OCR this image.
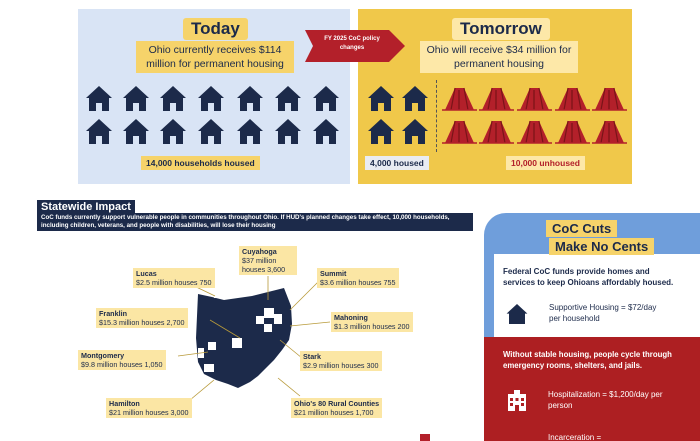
Today
Ohio currently receives $114 million for permanent housing
14,000 households housed
Tomorrow
Ohio will receive $34 million for permanent housing
FY 2025 CoC policy changes
4,000 housed	10,000 unhoused
Statewide Impact
CoC funds currently support vulnerable people in communities throughout Ohio. If HUD's planned changes take effect, 10,000 households, including children, veterans, and people with disabilities, will lose their housing
Lucas
$2.5 million houses 750
Cuyahoga
$37 million houses 3,600	Summit
$3.6 million houses 755
Franklin
$15.3 million houses 2,700
Mahoning
$1.3 million houses 200
Montgomery
$9.8 million houses 1,050
Stark
$2.9 million houses 300
Hamilton
$21 million houses 3,000
Ohio's 80 Rural Counties
$21 million houses 1,700
CoC Cuts
Make No Cents
Federal CoC funds provide homes and services to keep Ohioans affordably housed.
Supportive Housing = $72/day per household
Without stable housing, people cycle through emergency rooms, shelters, and jails.
Hospitalization = $1,200/day per person
Incarceration =
